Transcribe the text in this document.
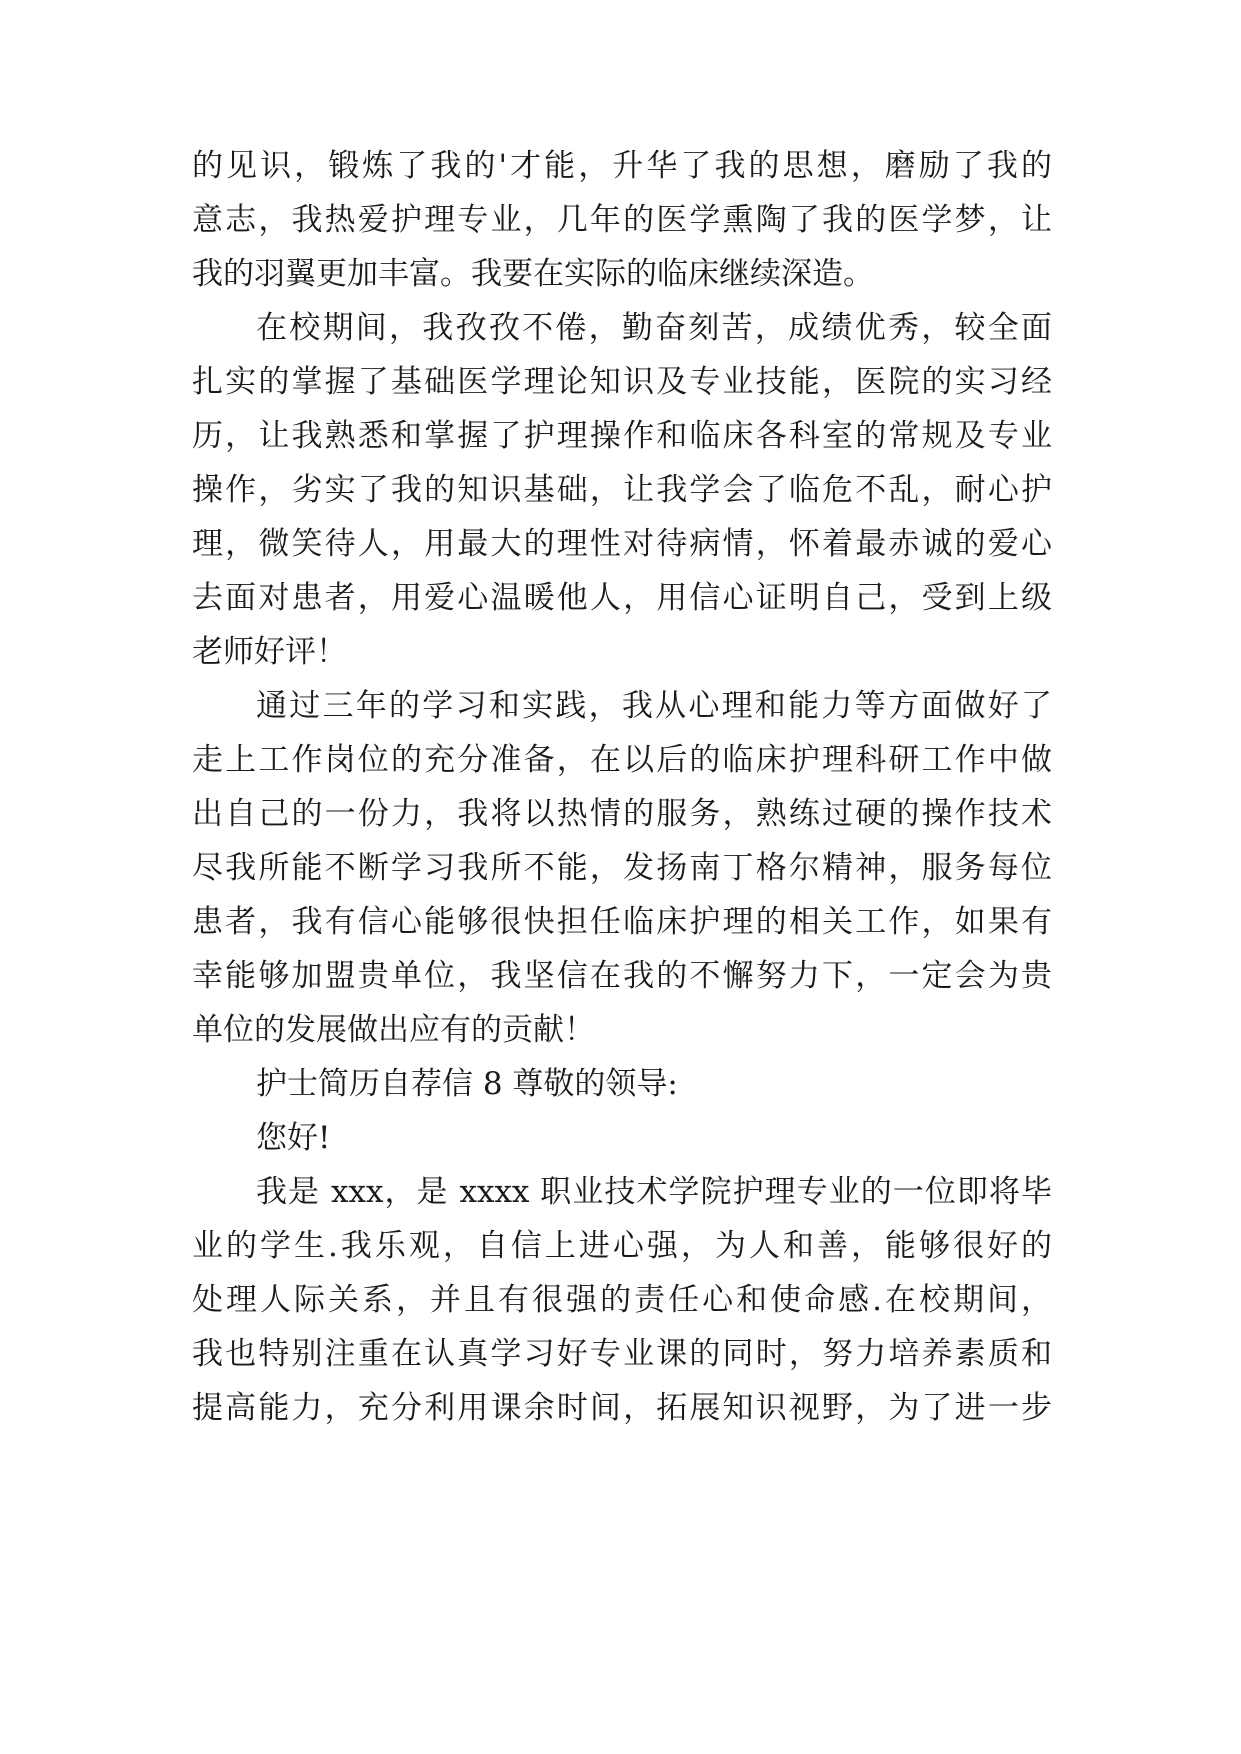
的见识，锻炼了我的'才能，升华了我的思想，磨励了我的
意志，我热爱护理专业，几年的医学熏陶了我的医学梦，让
我的羽翼更加丰富。我要在实际的临床继续深造。
在校期间，我孜孜不倦，勤奋刻苦，成绩优秀，较全面
扎实的掌握了基础医学理论知识及专业技能，医院的实习经
历，让我熟悉和掌握了护理操作和临床各科室的常规及专业
操作，劣实了我的知识基础，让我学会了临危不乱，耐心护
理，微笑待人，用最大的理性对待病情，怀着最赤诚的爱心
去面对患者，用爱心温暖他人，用信心证明自己，受到上级
老师好评！
通过三年的学习和实践，我从心理和能力等方面做好了
走上工作岗位的充分准备，在以后的临床护理科研工作中做
出自己的一份力，我将以热情的服务，熟练过硬的操作技术
尽我所能不断学习我所不能，发扬南丁格尔精神，服务每位
患者，我有信心能够很快担任临床护理的相关工作，如果有
幸能够加盟贵单位，我坚信在我的不懈努力下，一定会为贵
单位的发展做出应有的贡献！
护士简历自荐信 8 尊敬的领导:
您好!
我是 xxx，是 xxxx 职业技术学院护理专业的一位即将毕
业的学生.我乐观，自信上进心强，为人和善，能够很好的
处理人际关系，并且有很强的责任心和使命感.在校期间，
我也特别注重在认真学习好专业课的同时，努力培养素质和
提高能力，充分利用课余时间，拓展知识视野，为了进一步
